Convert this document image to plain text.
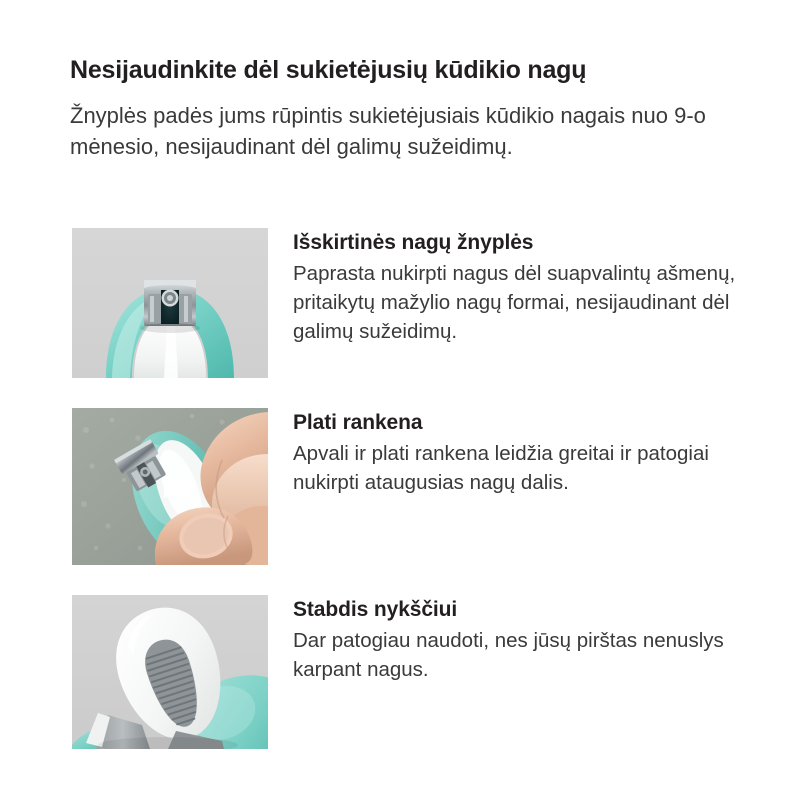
Nesijaudinkite dėl sukietėjusių kūdikio nagų

Žnyplės padės jums rūpintis sukietėjusiais kūdikio nagais nuo 9-o mėnesio, nesijaudinant dėl galimų sužeidimų.

Išskirtinės nagų žnyplės

Paprasta nukirpti nagus dėl suapvalintų ašmenų, pritaikytų mažylio nagų formai, nesijaudinant dėl galimų sužeidimų.

Plati rankena

Apvali ir plati rankena leidžia greitai ir patogiai nukirpti ataugusias nagų dalis.

Stabdis nykščiui

Dar patogiau naudoti, nes jūsų pirštas nenuslys karpant nagus.
